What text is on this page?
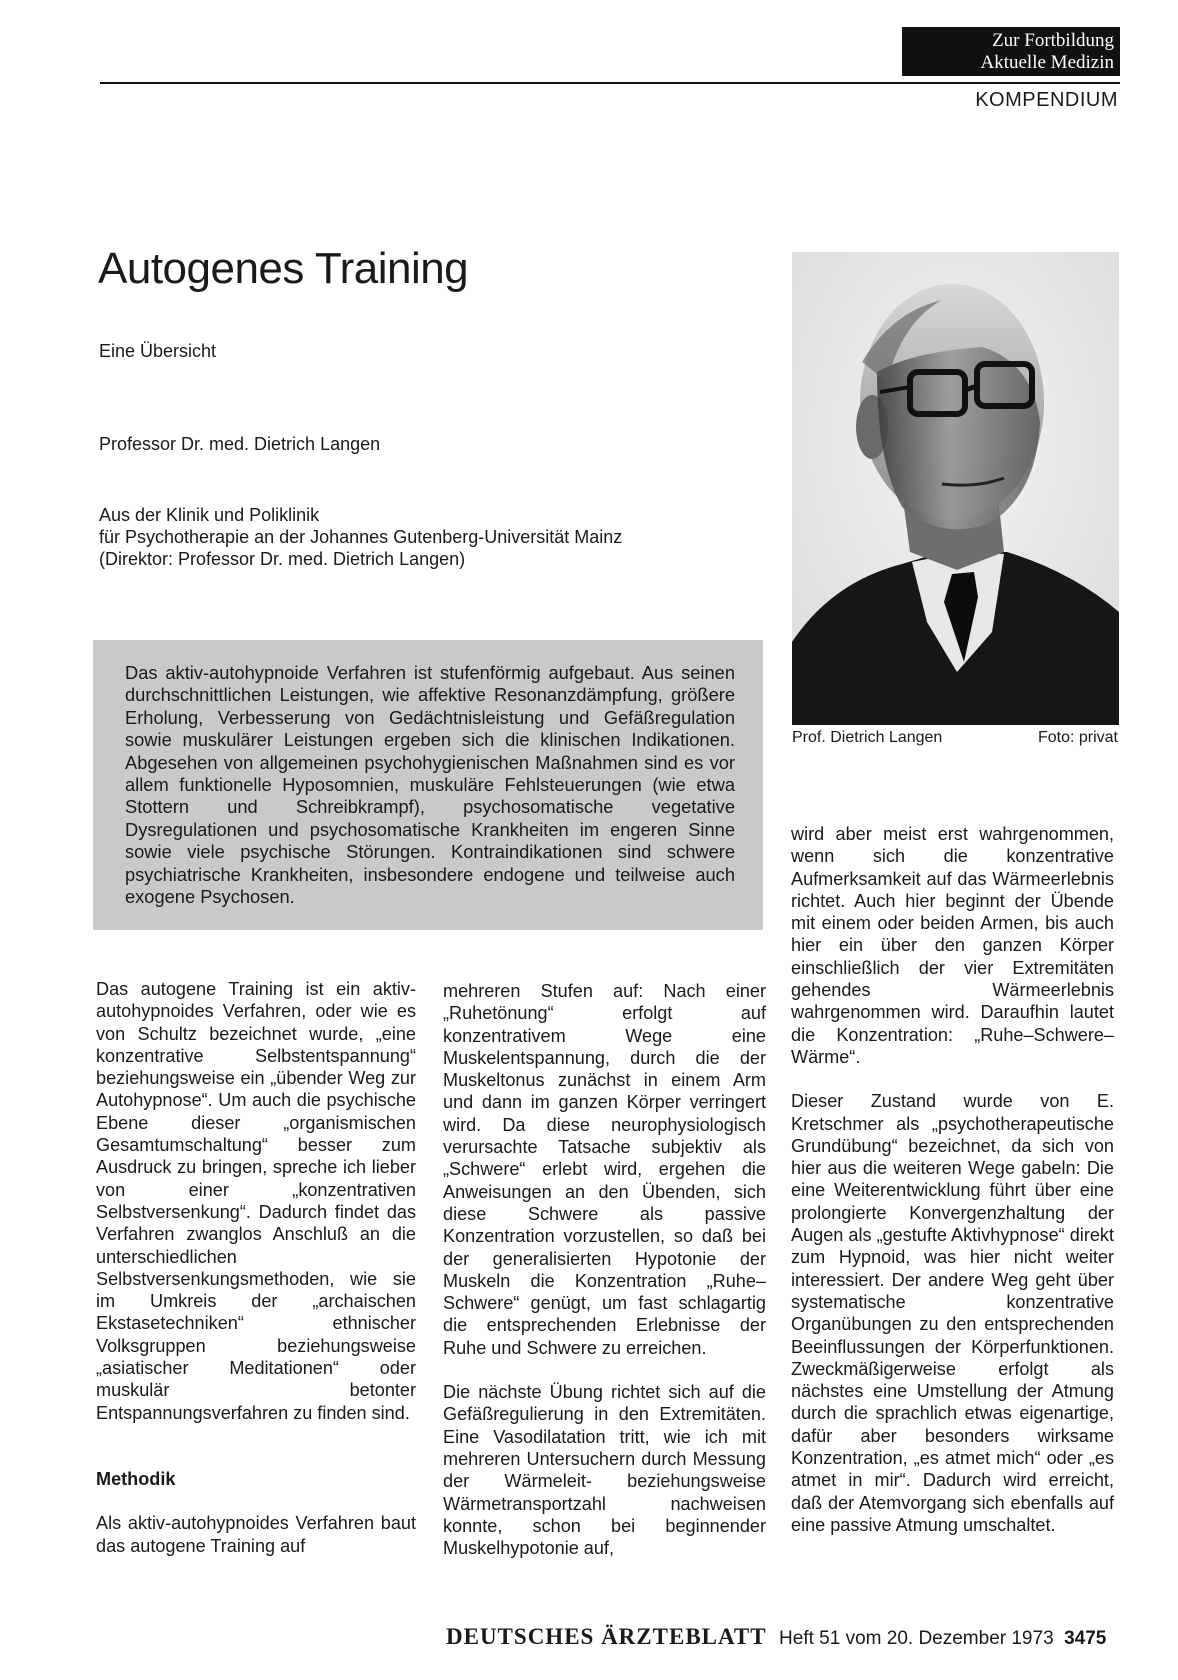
Zur Fortbildung
Aktuelle Medizin
KOMPENDIUM
Autogenes Training
Eine Übersicht
Professor Dr. med. Dietrich Langen
Aus der Klinik und Poliklinik
für Psychotherapie an der Johannes Gutenberg-Universität Mainz
(Direktor: Professor Dr. med. Dietrich Langen)
Prof. Dietrich Langen	Foto: privat
Das aktiv-autohypnoide Verfahren ist stufenförmig aufgebaut. Aus seinen durchschnittlichen Leistungen, wie affektive Resonanzdämpfung, größere Erholung, Verbesserung von Gedächtnisleistung und Gefäßregulation sowie muskulärer Leistungen ergeben sich die klinischen Indikationen. Abgesehen von allgemeinen psychohygienischen Maßnahmen sind es vor allem funktionelle Hyposomnien, muskuläre Fehlsteuerungen (wie etwa Stottern und Schreibkrampf), psychosomatische vegetative Dysregulationen und psychosomatische Krankheiten im engeren Sinne sowie viele psychische Störungen. Kontraindikationen sind schwere psychiatrische Krankheiten, insbesondere endogene und teilweise auch exogene Psychosen.

Das autogene Training ist ein aktiv-autohypnoides Verfahren, oder wie es von Schultz bezeichnet wurde, „eine konzentrative Selbstentspannung“ beziehungsweise ein „übender Weg zur Autohypnose“. Um auch die psychische Ebene dieser „organismischen Gesamtumschaltung“ besser zum Ausdruck zu bringen, spreche ich lieber von einer „konzentrativen Selbstversenkung“. Dadurch findet das Verfahren zwanglos Anschluß an die unterschiedlichen Selbstversenkungsmethoden, wie sie im Umkreis der „archaischen Ekstasetechniken“ ethnischer Volksgruppen beziehungsweise „asiatischer Meditationen“ oder muskulär betonter Entspannungsverfahren zu finden sind.

Methodik

Als aktiv-autohypnoides Verfahren baut das autogene Training auf

mehreren Stufen auf: Nach einer „Ruhetönung“ erfolgt auf konzentrativem Wege eine Muskelentspannung, durch die der Muskeltonus zunächst in einem Arm und dann im ganzen Körper verringert wird. Da diese neurophysiologisch verursachte Tatsache subjektiv als „Schwere“ erlebt wird, ergehen die Anweisungen an den Übenden, sich diese Schwere als passive Konzentration vorzustellen, so daß bei der generalisierten Hypotonie der Muskeln die Konzentration „Ruhe–Schwere“ genügt, um fast schlagartig die entsprechenden Erlebnisse der Ruhe und Schwere zu erreichen.

Die nächste Übung richtet sich auf die Gefäßregulierung in den Extremitäten. Eine Vasodilatation tritt, wie ich mit mehreren Untersuchern durch Messung der Wärmeleit- beziehungsweise Wärmetransportzahl nachweisen konnte, schon bei beginnender Muskelhypotonie auf,

wird aber meist erst wahrgenommen, wenn sich die konzentrative Aufmerksamkeit auf das Wärmeerlebnis richtet. Auch hier beginnt der Übende mit einem oder beiden Armen, bis auch hier ein über den ganzen Körper einschließlich der vier Extremitäten gehendes Wärmeerlebnis wahrgenommen wird. Daraufhin lautet die Konzentration: „Ruhe–Schwere–Wärme“.

Dieser Zustand wurde von E. Kretschmer als „psychotherapeutische Grundübung“ bezeichnet, da sich von hier aus die weiteren Wege gabeln: Die eine Weiterentwicklung führt über eine prolongierte Konvergenzhaltung der Augen als „gestufte Aktivhypnose“ direkt zum Hypnoid, was hier nicht weiter interessiert. Der andere Weg geht über systematische konzentrative Organübungen zu den entsprechenden Beeinflussungen der Körperfunktionen. Zweckmäßigerweise erfolgt als nächstes eine Umstellung der Atmung durch die sprachlich etwas eigenartige, dafür aber besonders wirksame Konzentration, „es atmet mich“ oder „es atmet in mir“. Dadurch wird erreicht, daß der Atemvorgang sich ebenfalls auf eine passive Atmung umschaltet.

DEUTSCHES ÄRZTEBLATT Heft 51 vom 20. Dezember 1973 3475
